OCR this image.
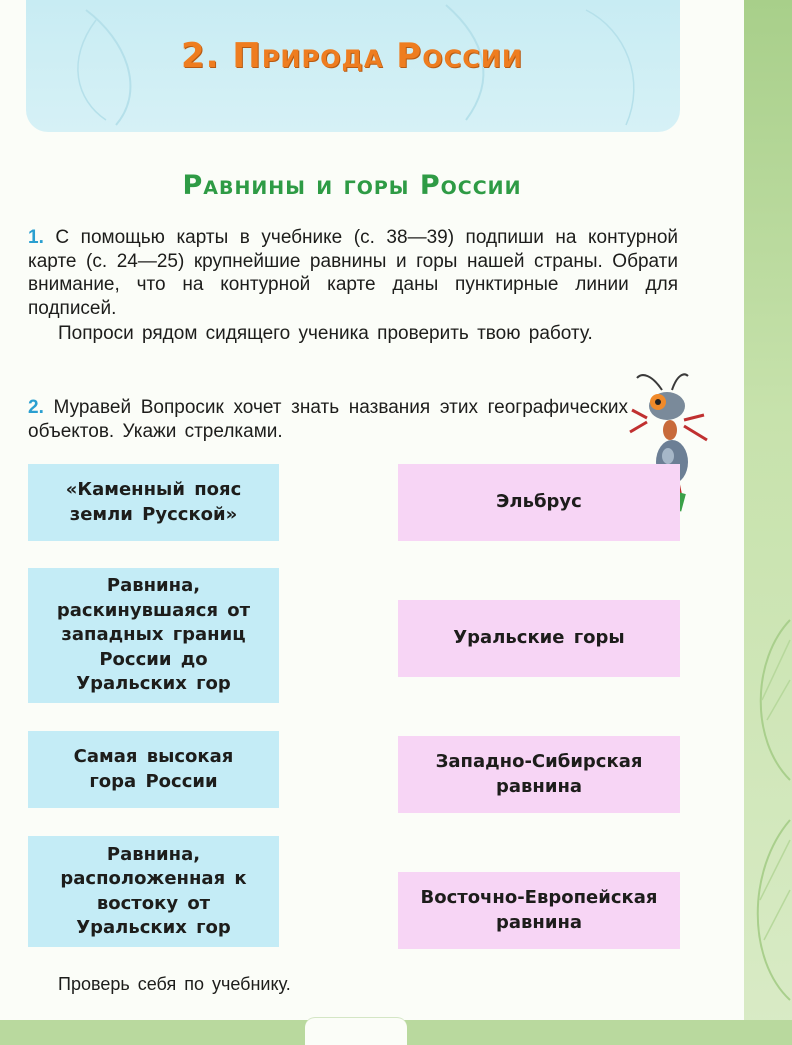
2. Природа России
Равнины и горы России
1. С помощью карты в учебнике (с. 38—39) подпиши на контурной карте (с. 24—25) крупнейшие равнины и горы нашей страны. Обрати внимание, что на контурной карте даны пунктирные линии для подписей.
Попроси рядом сидящего ученика проверить твою работу.
2. Муравей Вопросик хочет знать названия этих географических объектов. Укажи стрелками.
«Каменный пояс земли Русской»
Равнина, раскинувшаяся от западных границ России до Уральских гор
Самая высокая гора России
Равнина, расположенная к востоку от Уральских гор
Эльбрус
Уральские горы
Западно-Сибирская равнина
Восточно-Европейская равнина
Проверь себя по учебнику.
